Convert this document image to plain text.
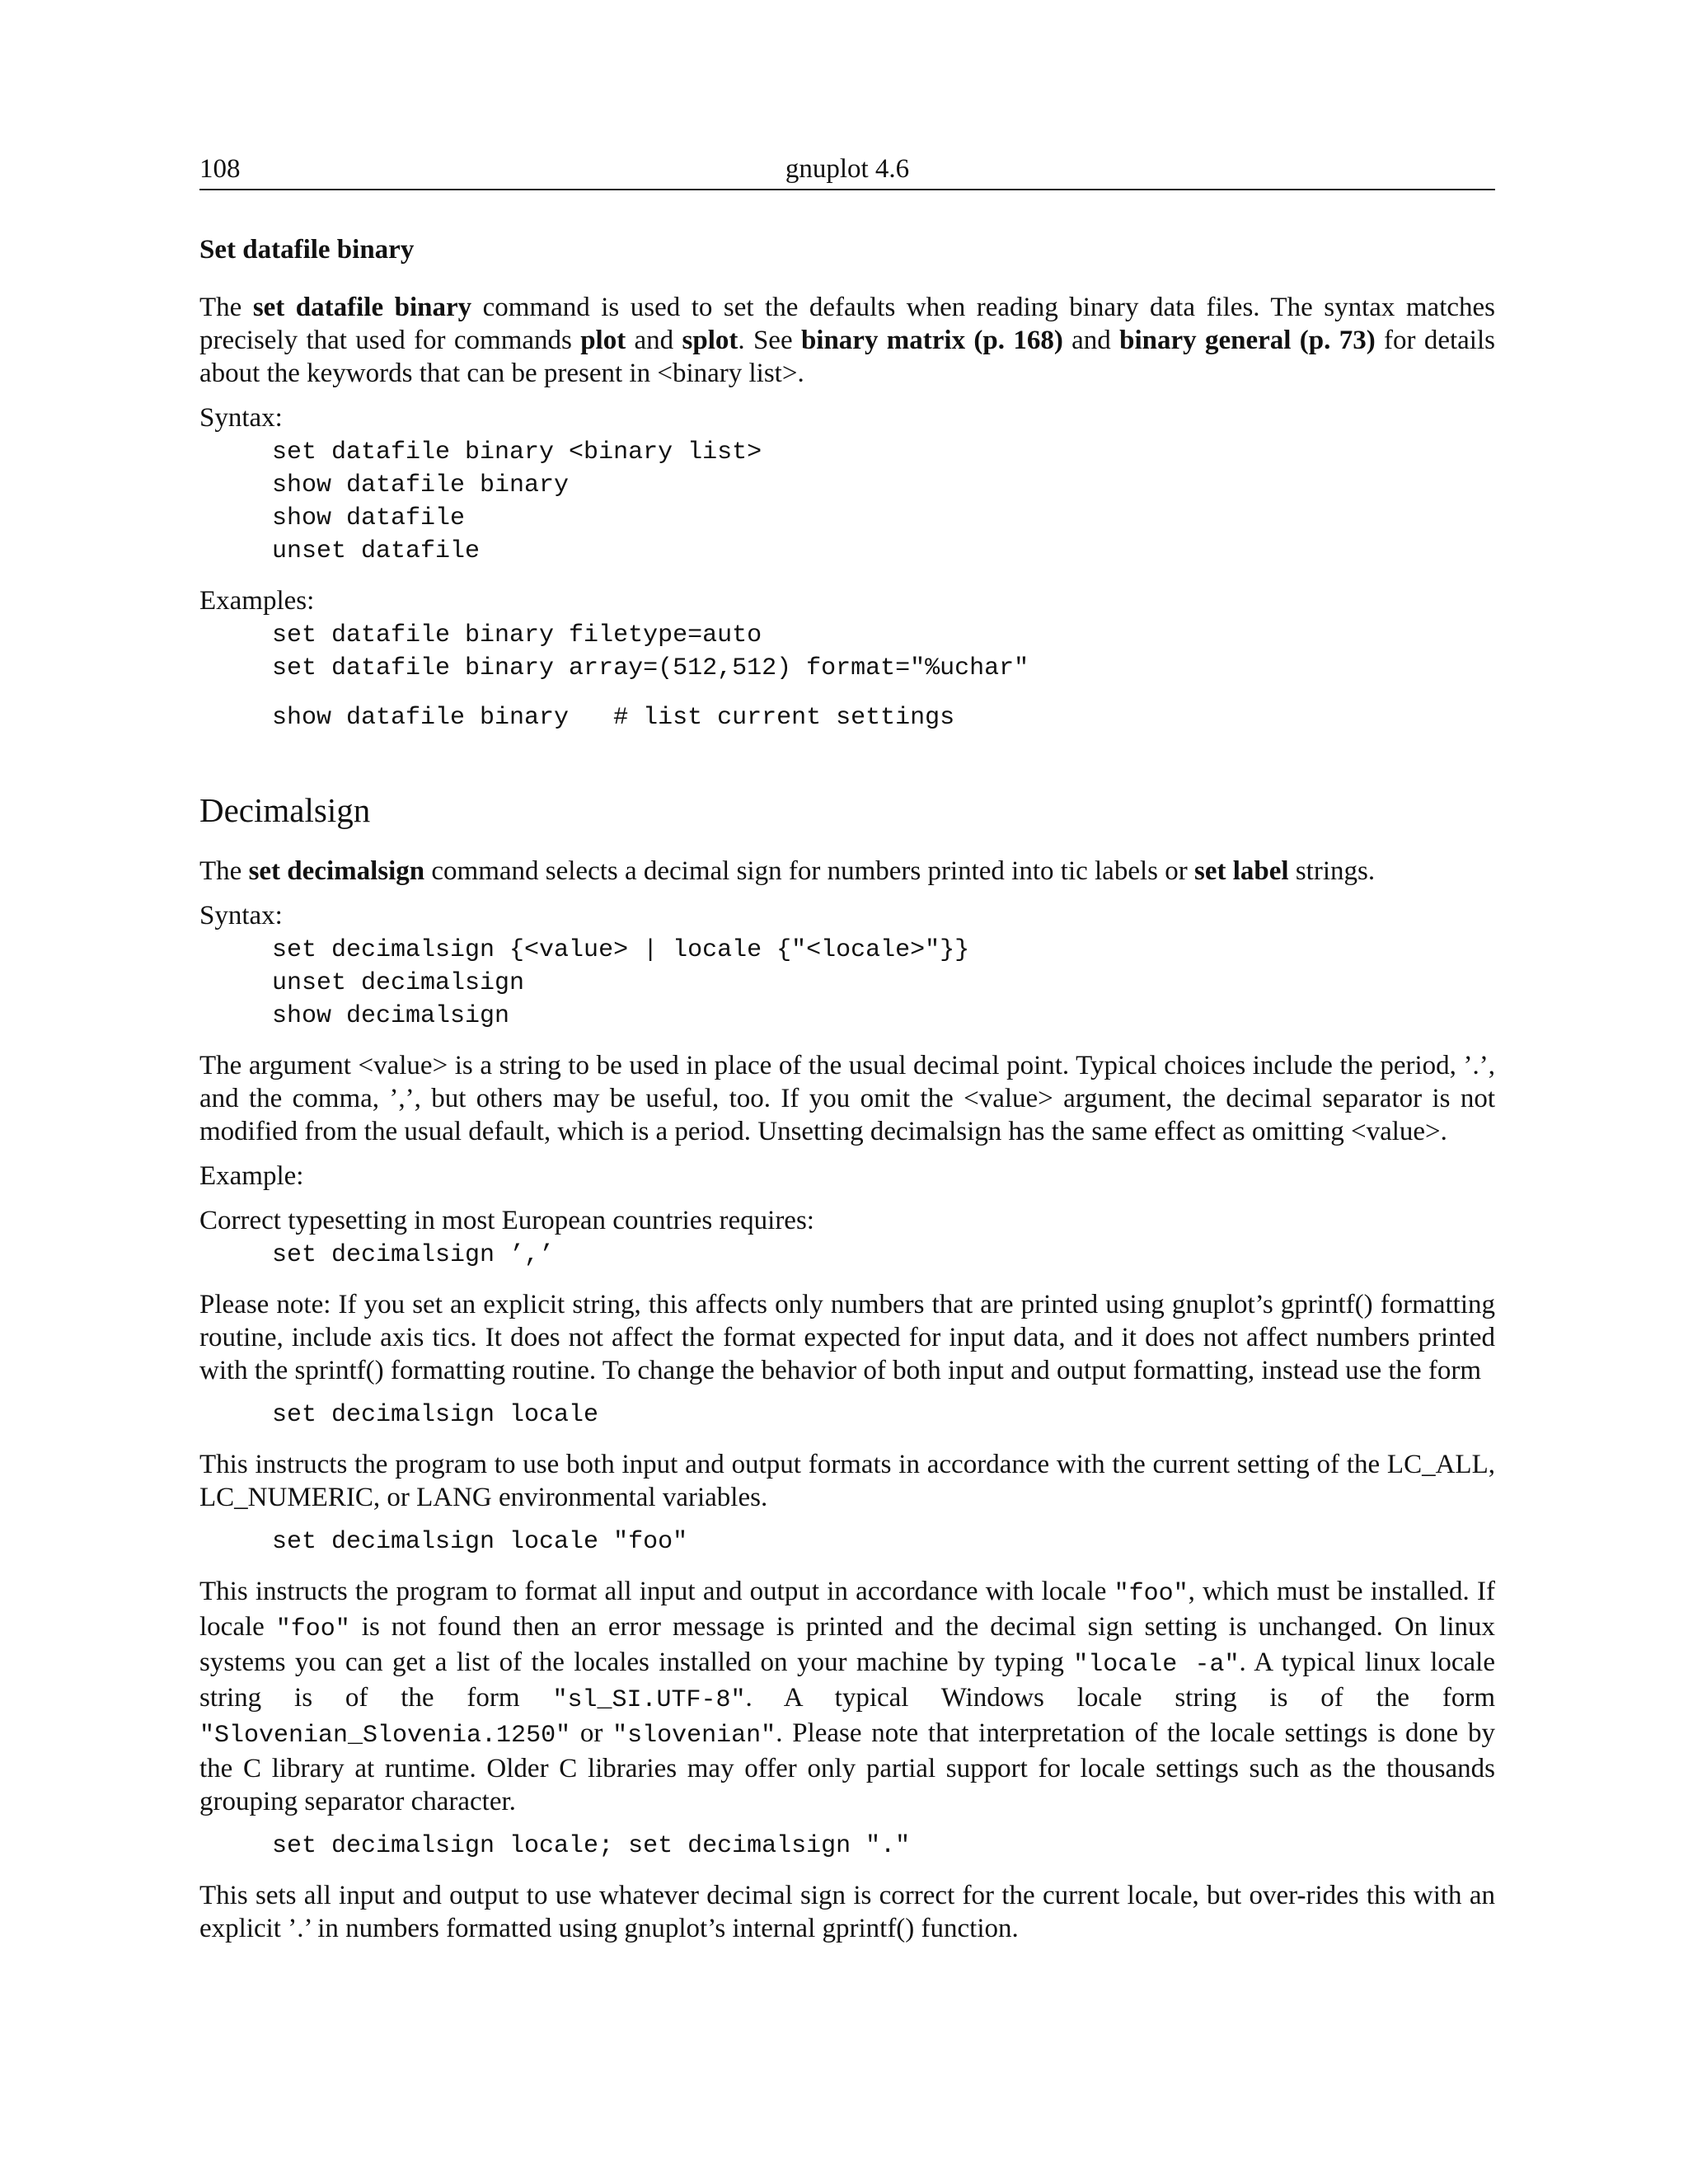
108	gnuplot 4.6
Set datafile binary

The set datafile binary command is used to set the defaults when reading binary data files. The syntax matches precisely that used for commands plot and splot. See binary matrix (p. 168) and binary general (p. 73) for details about the keywords that can be present in <binary list>.

Syntax:
set datafile binary <binary list>
show datafile binary
show datafile
unset datafile
Examples:
set datafile binary filetype=auto
set datafile binary array=(512,512) format="%uchar"
show datafile binary   # list current settings
Decimalsign

The set decimalsign command selects a decimal sign for numbers printed into tic labels or set label strings.

Syntax:
set decimalsign {<value> | locale {"<locale>"}}
unset decimalsign
show decimalsign

The argument <value> is a string to be used in place of the usual decimal point. Typical choices include the period, ’.’, and the comma, ’,’, but others may be useful, too. If you omit the <value> argument, the decimal separator is not modified from the usual default, which is a period. Unsetting decimalsign has the same effect as omitting <value>.

Example:

Correct typesetting in most European countries requires:

set decimalsign ’,’

Please note: If you set an explicit string, this affects only numbers that are printed using gnuplot’s gprintf() formatting routine, include axis tics. It does not affect the format expected for input data, and it does not affect numbers printed with the sprintf() formatting routine. To change the behavior of both input and output formatting, instead use the form

set decimalsign locale

This instructs the program to use both input and output formats in accordance with the current setting of the LC_ALL, LC_NUMERIC, or LANG environmental variables.

set decimalsign locale "foo"

This instructs the program to format all input and output in accordance with locale "foo", which must be installed. If locale "foo" is not found then an error message is printed and the decimal sign setting is unchanged. On linux systems you can get a list of the locales installed on your machine by typing "locale -a". A typical linux locale string is of the form "sl_SI.UTF-8". A typical Windows locale string is of the form "Slovenian_Slovenia.1250" or "slovenian". Please note that interpretation of the locale settings is done by the C library at runtime. Older C libraries may offer only partial support for locale settings such as the thousands grouping separator character.

set decimalsign locale; set decimalsign "."

This sets all input and output to use whatever decimal sign is correct for the current locale, but over-rides this with an explicit ’.’ in numbers formatted using gnuplot’s internal gprintf() function.
